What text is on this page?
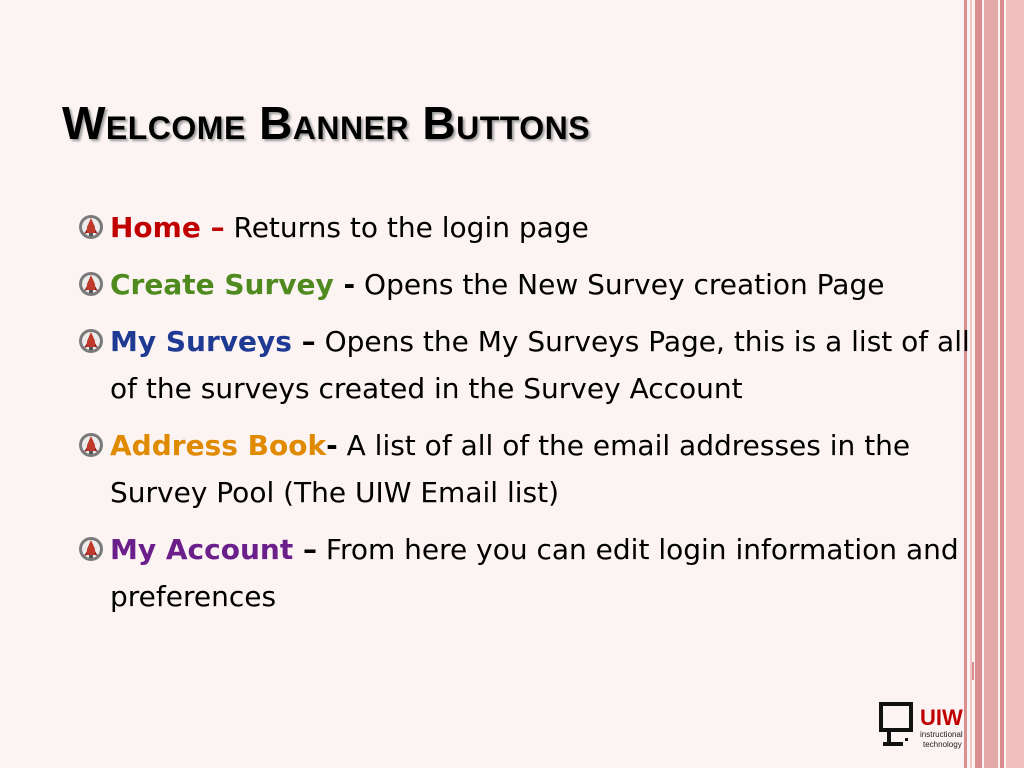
Welcome Banner Buttons
Home – Returns to the login page
Create Survey - Opens the New Survey creation Page
My Surveys – Opens the My Surveys Page, this is a list of all of the surveys created in the Survey Account
Address Book- A list of all of the email addresses in the Survey Pool (The UIW Email list)
My Account – From here you can edit login information and preferences
UIW
instructional
technology
